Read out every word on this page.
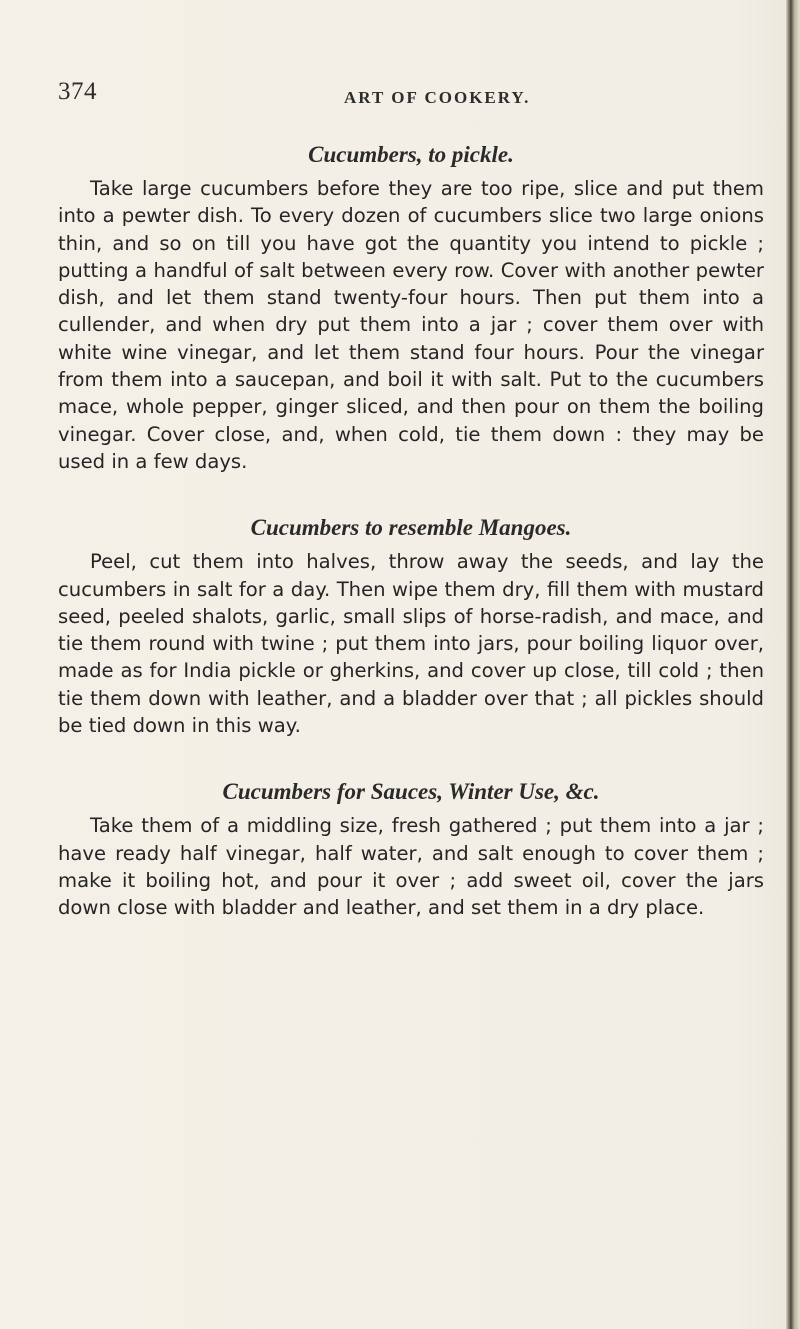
374	ART OF COOKERY.
Cucumbers, to pickle.

Take large cucumbers before they are too ripe, slice and put them into a pewter dish. To every dozen of cucumbers slice two large onions thin, and so on till you have got the quantity you intend to pickle ; putting a handful of salt between every row. Cover with another pewter dish, and let them stand twenty-four hours. Then put them into a cullender, and when dry put them into a jar ; cover them over with white wine vinegar, and let them stand four hours. Pour the vinegar from them into a saucepan, and boil it with salt. Put to the cucumbers mace, whole pepper, ginger sliced, and then pour on them the boiling vinegar. Cover close, and, when cold, tie them down : they may be used in a few days.

Cucumbers to resemble Mangoes.

Peel, cut them into halves, throw away the seeds, and lay the cucumbers in salt for a day. Then wipe them dry, fill them with mustard seed, peeled shalots, garlic, small slips of horse-radish, and mace, and tie them round with twine ; put them into jars, pour boiling liquor over, made as for India pickle or gherkins, and cover up close, till cold ; then tie them down with leather, and a bladder over that ; all pickles should be tied down in this way.

Cucumbers for Sauces, Winter Use, &c.

Take them of a middling size, fresh gathered ; put them into a jar ; have ready half vinegar, half water, and salt enough to cover them ; make it boiling hot, and pour it over ; add sweet oil, cover the jars down close with bladder and leather, and set them in a dry place.
